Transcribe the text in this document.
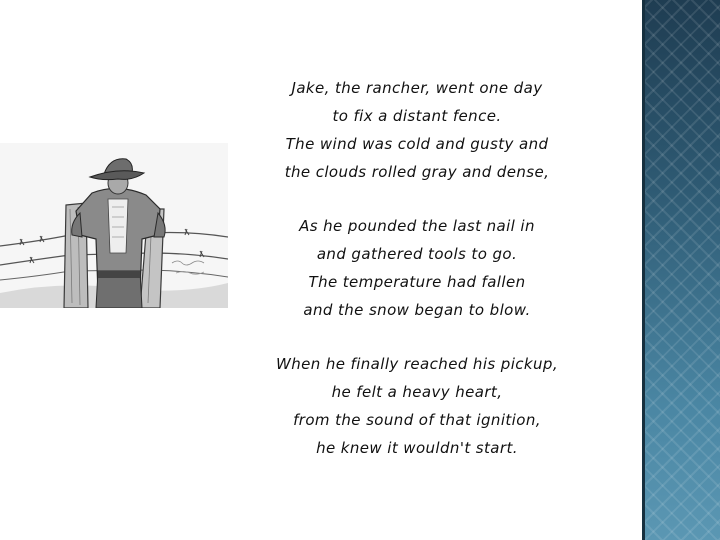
Jake, the rancher, went one day
to fix a distant fence.
The wind was cold and gusty and
the clouds rolled gray and dense,
As he pounded the last nail in
and gathered tools to go.
The temperature had fallen
and the snow began to blow.
When he finally reached his pickup,
he felt a heavy heart,
from the sound of that ignition,
he knew it wouldn't start.
